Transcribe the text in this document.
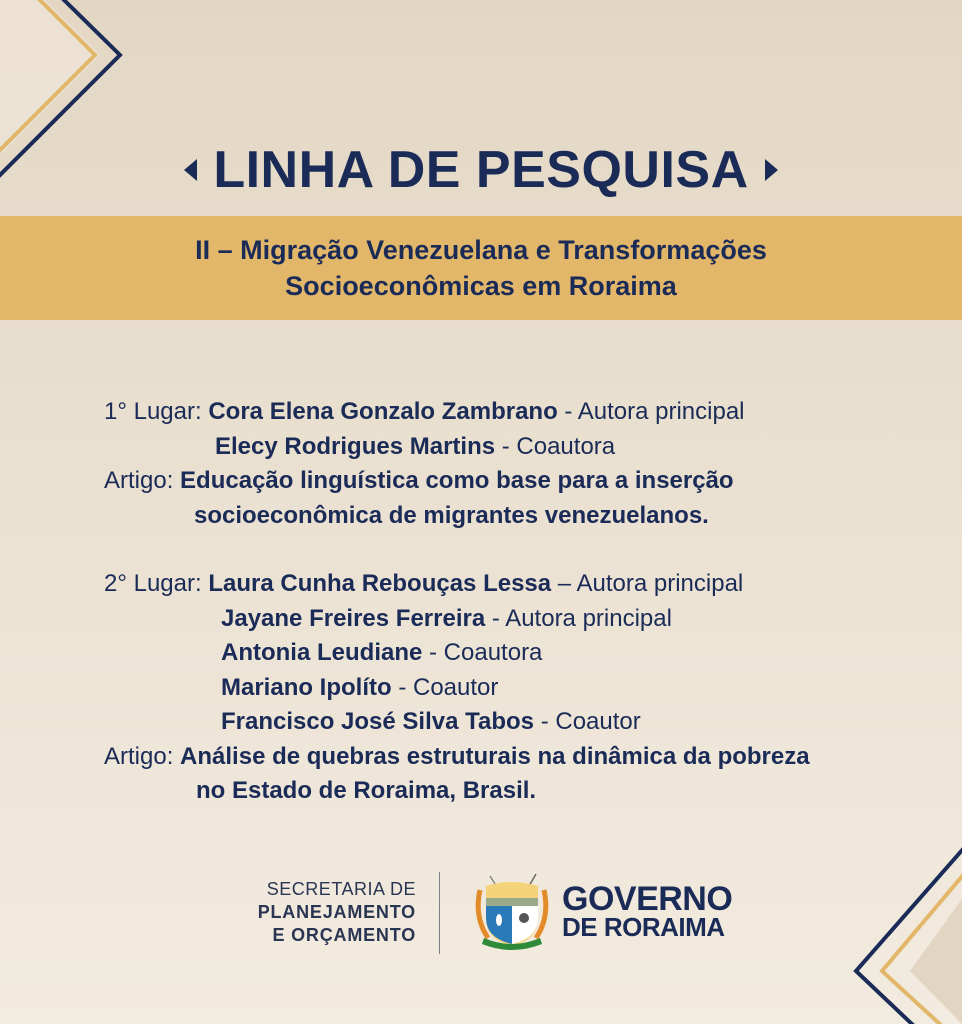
LINHA DE PESQUISA
II – Migração Venezuelana e Transformações
Socioeconômicas em Roraima
1° Lugar: Cora Elena Gonzalo Zambrano - Autora principal
Elecy Rodrigues Martins - Coautora
Artigo: Educação linguística como base para a inserção
socioeconômica de migrantes venezuelanos.
2° Lugar: Laura Cunha Rebouças Lessa – Autora principal
Jayane Freires Ferreira - Autora principal
Antonia Leudiane - Coautora
Mariano Ipolíto - Coautor
Francisco José Silva Tabos - Coautor
Artigo: Análise de quebras estruturais na dinâmica da pobreza
no Estado de Roraima, Brasil.
SECRETARIA DE
PLANEJAMENTO
E ORÇAMENTO
GOVERNO
DE RORAIMA
